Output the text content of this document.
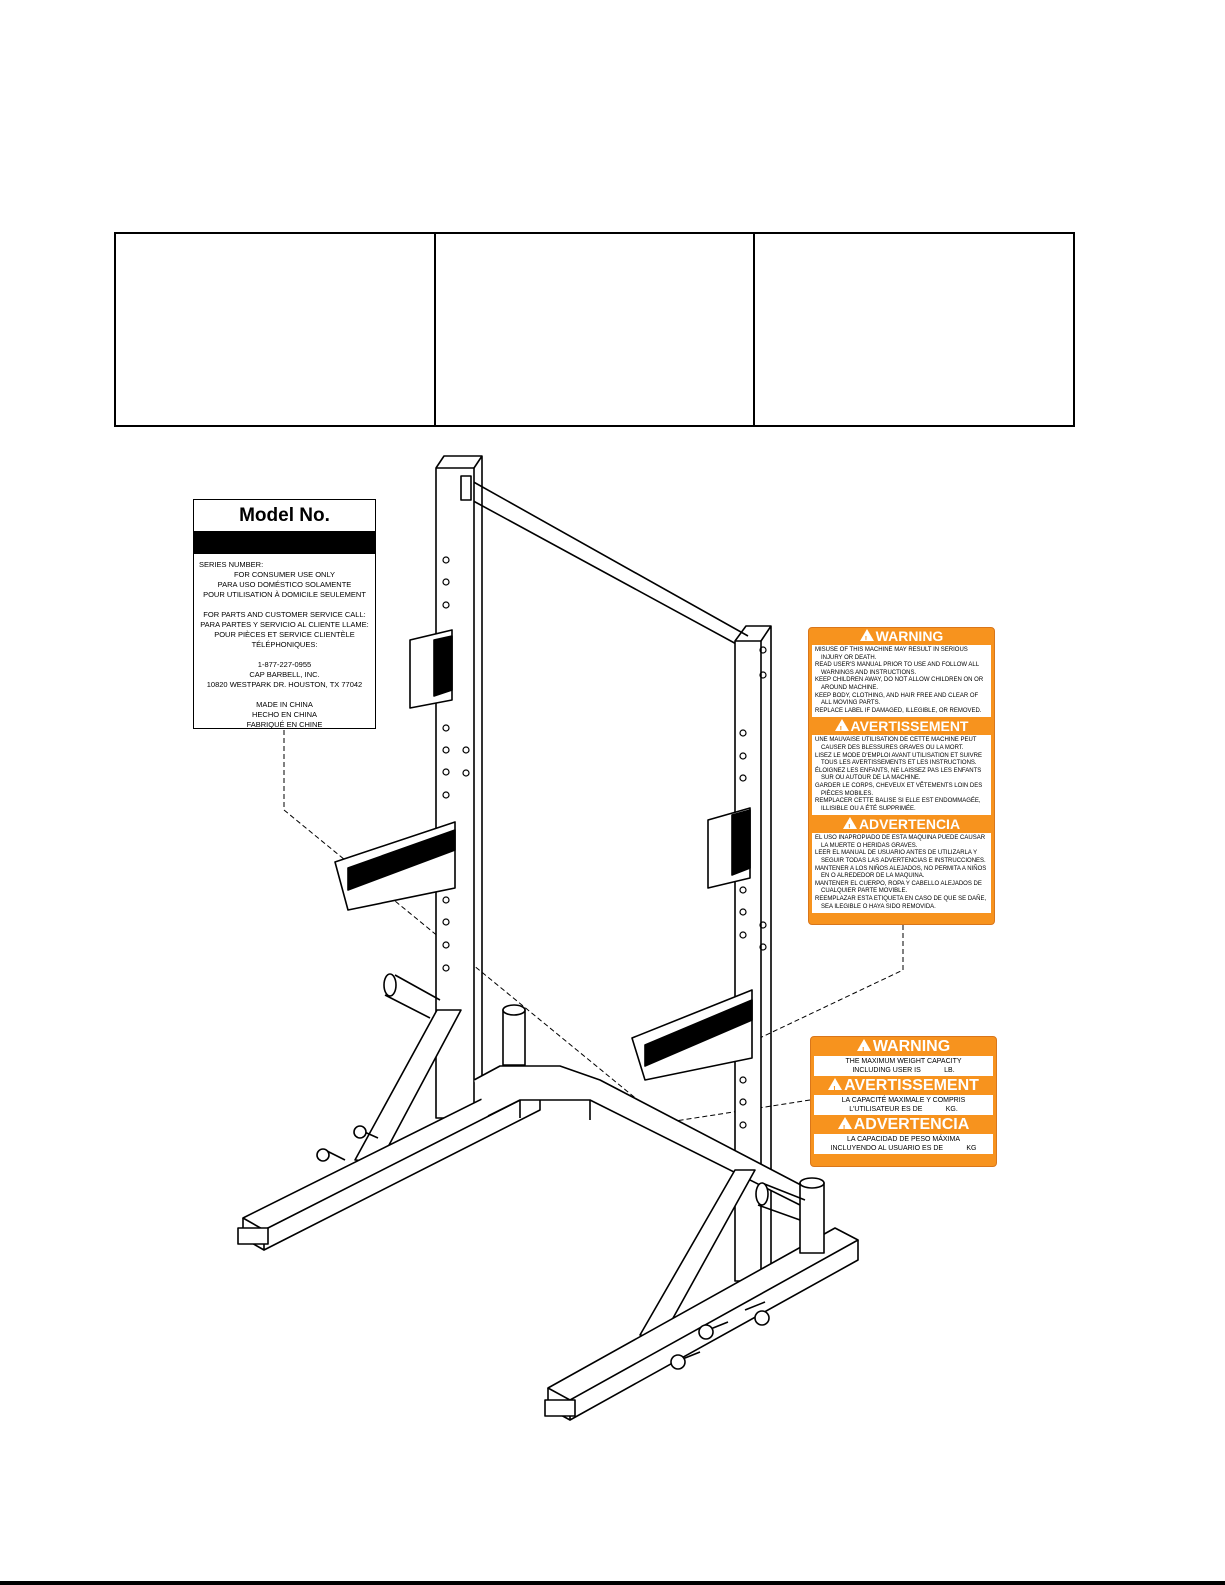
Model No.
SERIES NUMBER:
FOR CONSUMER USE ONLY
PARA USO DOMÉSTICO SOLAMENTE
POUR UTILISATION À DOMICILE SEULEMENT
FOR PARTS AND CUSTOMER SERVICE CALL:
PARA PARTES Y SERVICIO AL CLIENTE LLAME:
POUR PIÈCES ET SERVICE CLIENTÈLE
TÉLÉPHONIQUES:
1-877-227-0955
CAP BARBELL, INC.
10820 WESTPARK DR. HOUSTON, TX 77042
MADE IN CHINA
HECHO EN CHINA
FABRIQUÉ EN CHINE
!WARNING
MISUSE OF THIS MACHINE MAY RESULT IN SERIOUS INJURY OR DEATH.
READ USER'S MANUAL PRIOR TO USE AND FOLLOW ALL WARNINGS AND INSTRUCTIONS.
KEEP CHILDREN AWAY, DO NOT ALLOW CHILDREN ON OR AROUND MACHINE.
KEEP BODY, CLOTHING, AND HAIR FREE AND CLEAR OF ALL MOVING PARTS.
REPLACE LABEL IF DAMAGED, ILLEGIBLE, OR REMOVED.
!AVERTISSEMENT
UNE MAUVAISE UTILISATION DE CETTE MACHINE PEUT CAUSER DES BLESSURES GRAVES OU LA MORT.
LISEZ LE MODE D'EMPLOI AVANT UTILISATION ET SUIVRE TOUS LES AVERTISSEMENTS ET LES INSTRUCTIONS.
ÉLOIGNEZ LES ENFANTS, NE LAISSEZ PAS LES ENFANTS SUR OU AUTOUR DE LA MACHINE.
GARDER LE CORPS, CHEVEUX ET VÊTEMENTS LOIN DES PIÈCES MOBILES.
REMPLACER CETTE BALISE SI ELLE EST ENDOMMAGÉE, ILLISIBLE OU A ÉTÉ SUPPRIMÉE.
!ADVERTENCIA
EL USO INAPROPIADO DE ESTA MAQUINA PUEDE CAUSAR LA MUERTE O HERIDAS GRAVES.
LEER EL MANUAL DE USUARIO ANTES DE UTILIZARLA Y SEGUIR TODAS LAS ADVERTENCIAS E INSTRUCCIONES.
MANTENER A LOS NIÑOS ALEJADOS, NO PERMITA A NIÑOS EN O ALREDEDOR DE LA MAQUINA.
MANTENER EL CUERPO, ROPA Y CABELLO ALEJADOS DE CUALQUIER PARTE MOVIBLE.
REEMPLAZAR ESTA ETIQUETA EN CASO DE QUE SE DAÑE, SEA ILEGIBLE O HAYA SIDO REMOVIDA.
!WARNING
THE MAXIMUM WEIGHT CAPACITY
INCLUDING USER IS            LB.
!AVERTISSEMENT
LA CAPACITÉ MAXIMALE Y COMPRIS
L'UTILISATEUR ES DE            KG.
!ADVERTENCIA
LA CAPACIDAD DE PESO MÁXIMA
INCLUYENDO AL USUARIO ES DE            KG
